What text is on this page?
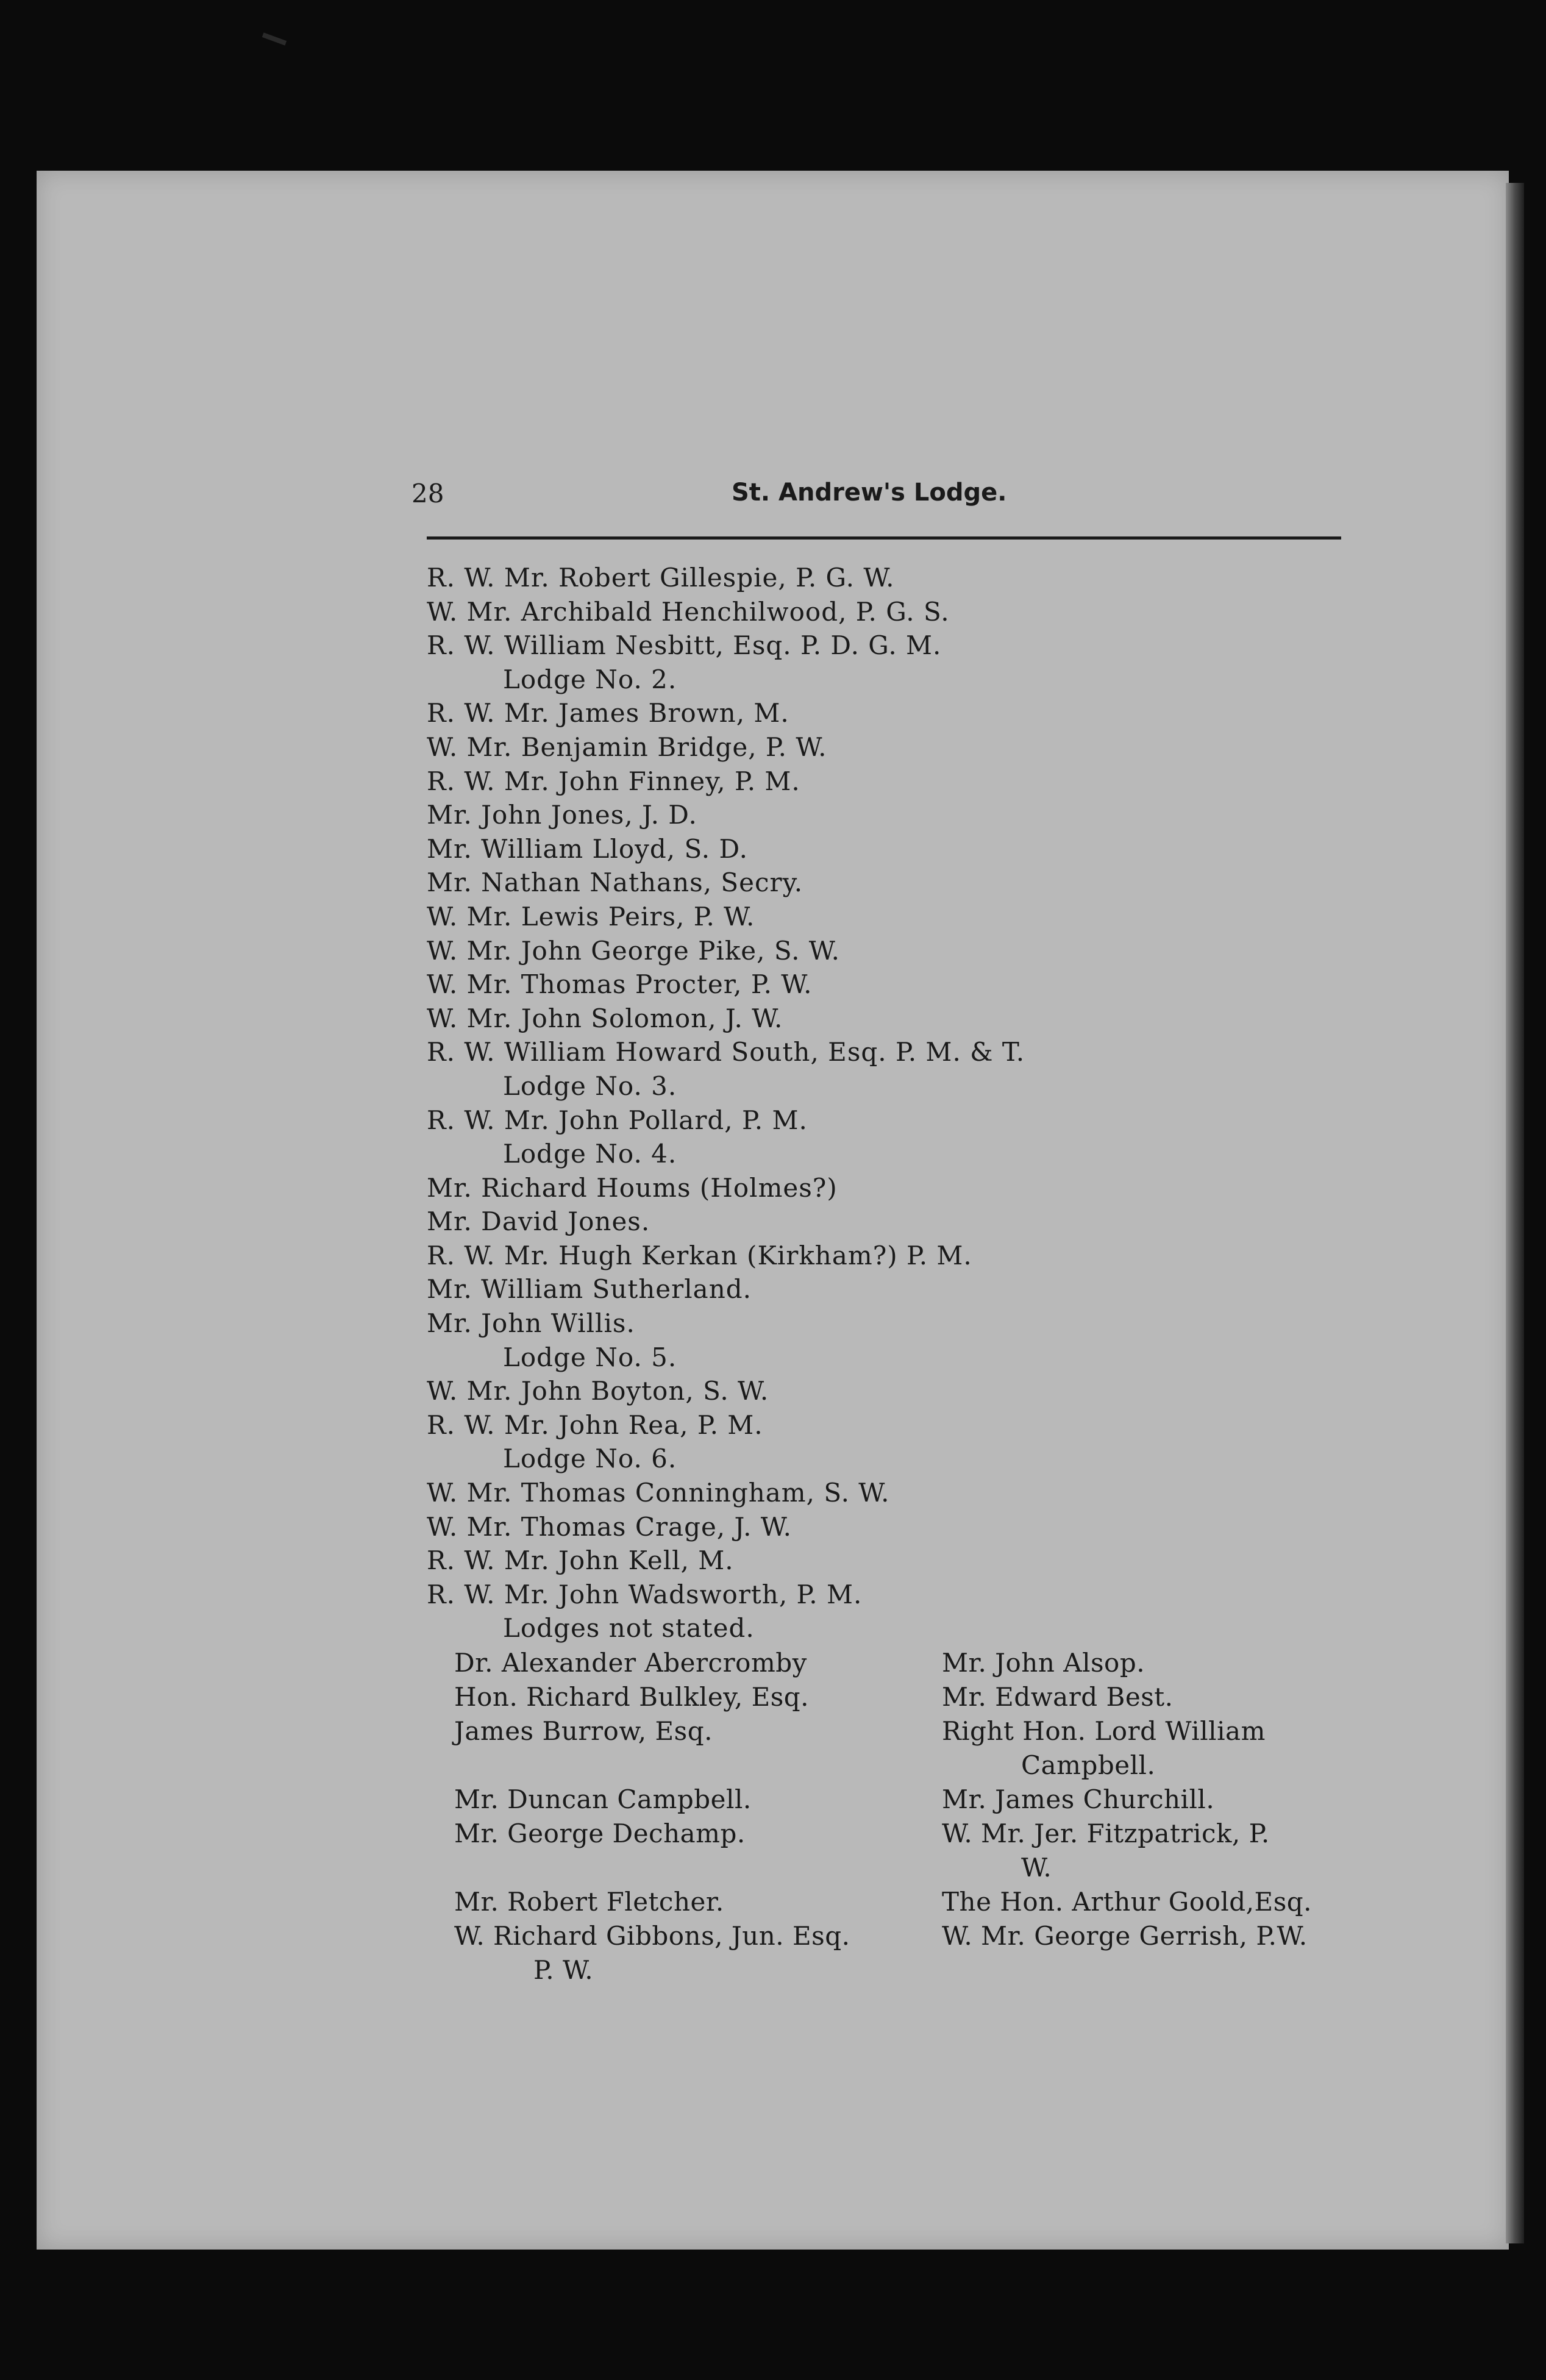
28	St. Andrew's Lodge.
R. W. Mr. Robert Gillespie, P. G. W.
W. Mr. Archibald Henchilwood, P. G. S.
R. W. William Nesbitt, Esq. P. D. G. M.
Lodge No. 2.
R. W. Mr. James Brown, M.
W. Mr. Benjamin Bridge, P. W.
R. W. Mr. John Finney, P. M.
Mr. John Jones, J. D.
Mr. William Lloyd, S. D.
Mr. Nathan Nathans, Secry.
W. Mr. Lewis Peirs, P. W.
W. Mr. John George Pike, S. W.
W. Mr. Thomas Procter, P. W.
W. Mr. John Solomon, J. W.
R. W. William Howard South, Esq. P. M. & T.
Lodge No. 3.
R. W. Mr. John Pollard, P. M.
Lodge No. 4.
Mr. Richard Houms (Holmes?)
Mr. David Jones.
R. W. Mr. Hugh Kerkan (Kirkham?) P. M.
Mr. William Sutherland.
Mr. John Willis.
Lodge No. 5.
W. Mr. John Boyton, S. W.
R. W. Mr. John Rea, P. M.
Lodge No. 6.
W. Mr. Thomas Conningham, S. W.
W. Mr. Thomas Crage, J. W.
R. W. Mr. John Kell, M.
R. W. Mr. John Wadsworth, P. M.
Lodges not stated.
Dr. Alexander Abercromby
Hon. Richard Bulkley, Esq.
James Burrow, Esq.
Mr. Duncan Campbell.
Mr. George Dechamp.
Mr. Robert Fletcher.
W. Richard Gibbons, Jun. Esq.
P. W.
Mr. John Alsop.
Mr. Edward Best.
Right Hon. Lord William
Campbell.
Mr. James Churchill.
W. Mr. Jer. Fitzpatrick, P.
W.
The Hon. Arthur Goold,Esq.
W. Mr. George Gerrish, P.W.
